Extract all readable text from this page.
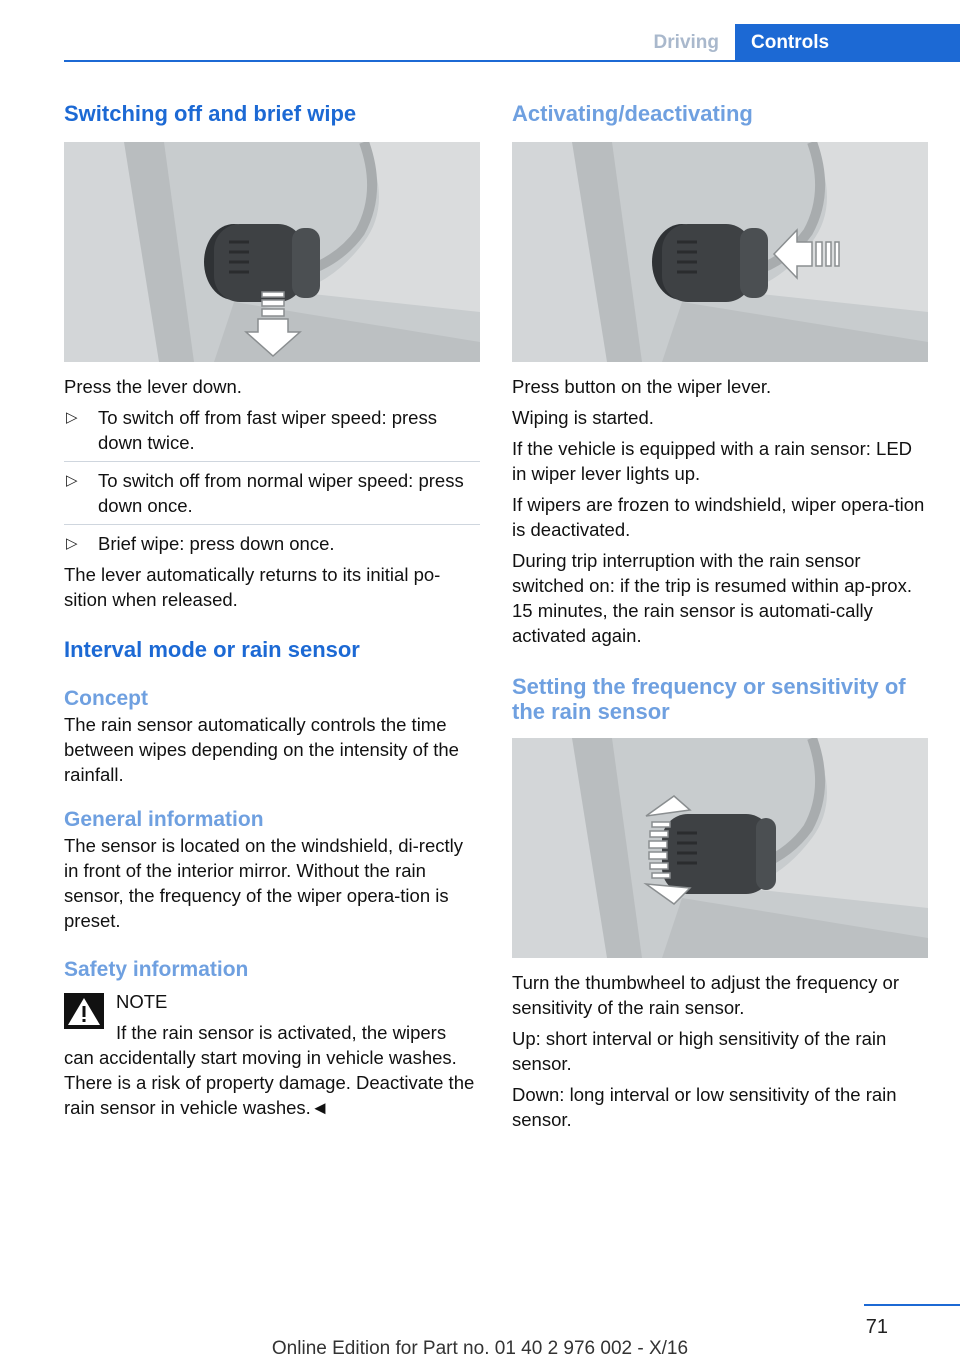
Driving	Controls
Switching off and brief wipe

Press the lever down.

▷ To switch off from fast wiper speed: press down twice.
▷ To switch off from normal wiper speed: press down once.
▷ Brief wipe: press down once.

The lever automatically returns to its initial po‐sition when released.

Interval mode or rain sensor
Concept

The rain sensor automatically controls the time between wipes depending on the intensity of the rainfall.

General information

The sensor is located on the windshield, di‐rectly in front of the interior mirror. Without the rain sensor, the frequency of the wiper opera‐tion is preset.

Safety information
NOTE
If the rain sensor is activated, the wipers

can accidentally start moving in vehicle washes. There is a risk of property damage. Deactivate the rain sensor in vehicle washes.◄

Activating/deactivating

Press button on the wiper lever.

Wiping is started.

If the vehicle is equipped with a rain sensor: LED in wiper lever lights up.

If wipers are frozen to windshield, wiper opera‐tion is deactivated.

During trip interruption with the rain sensor switched on: if the trip is resumed within ap‐prox. 15 minutes, the rain sensor is automati‐cally activated again.

Setting the frequency or sensitivity of the rain sensor

Turn the thumbwheel to adjust the frequency or sensitivity of the rain sensor.

Up: short interval or high sensitivity of the rain sensor.

Down: long interval or low sensitivity of the rain sensor.

71
Online Edition for Part no. 01 40 2 976 002 - X/16
